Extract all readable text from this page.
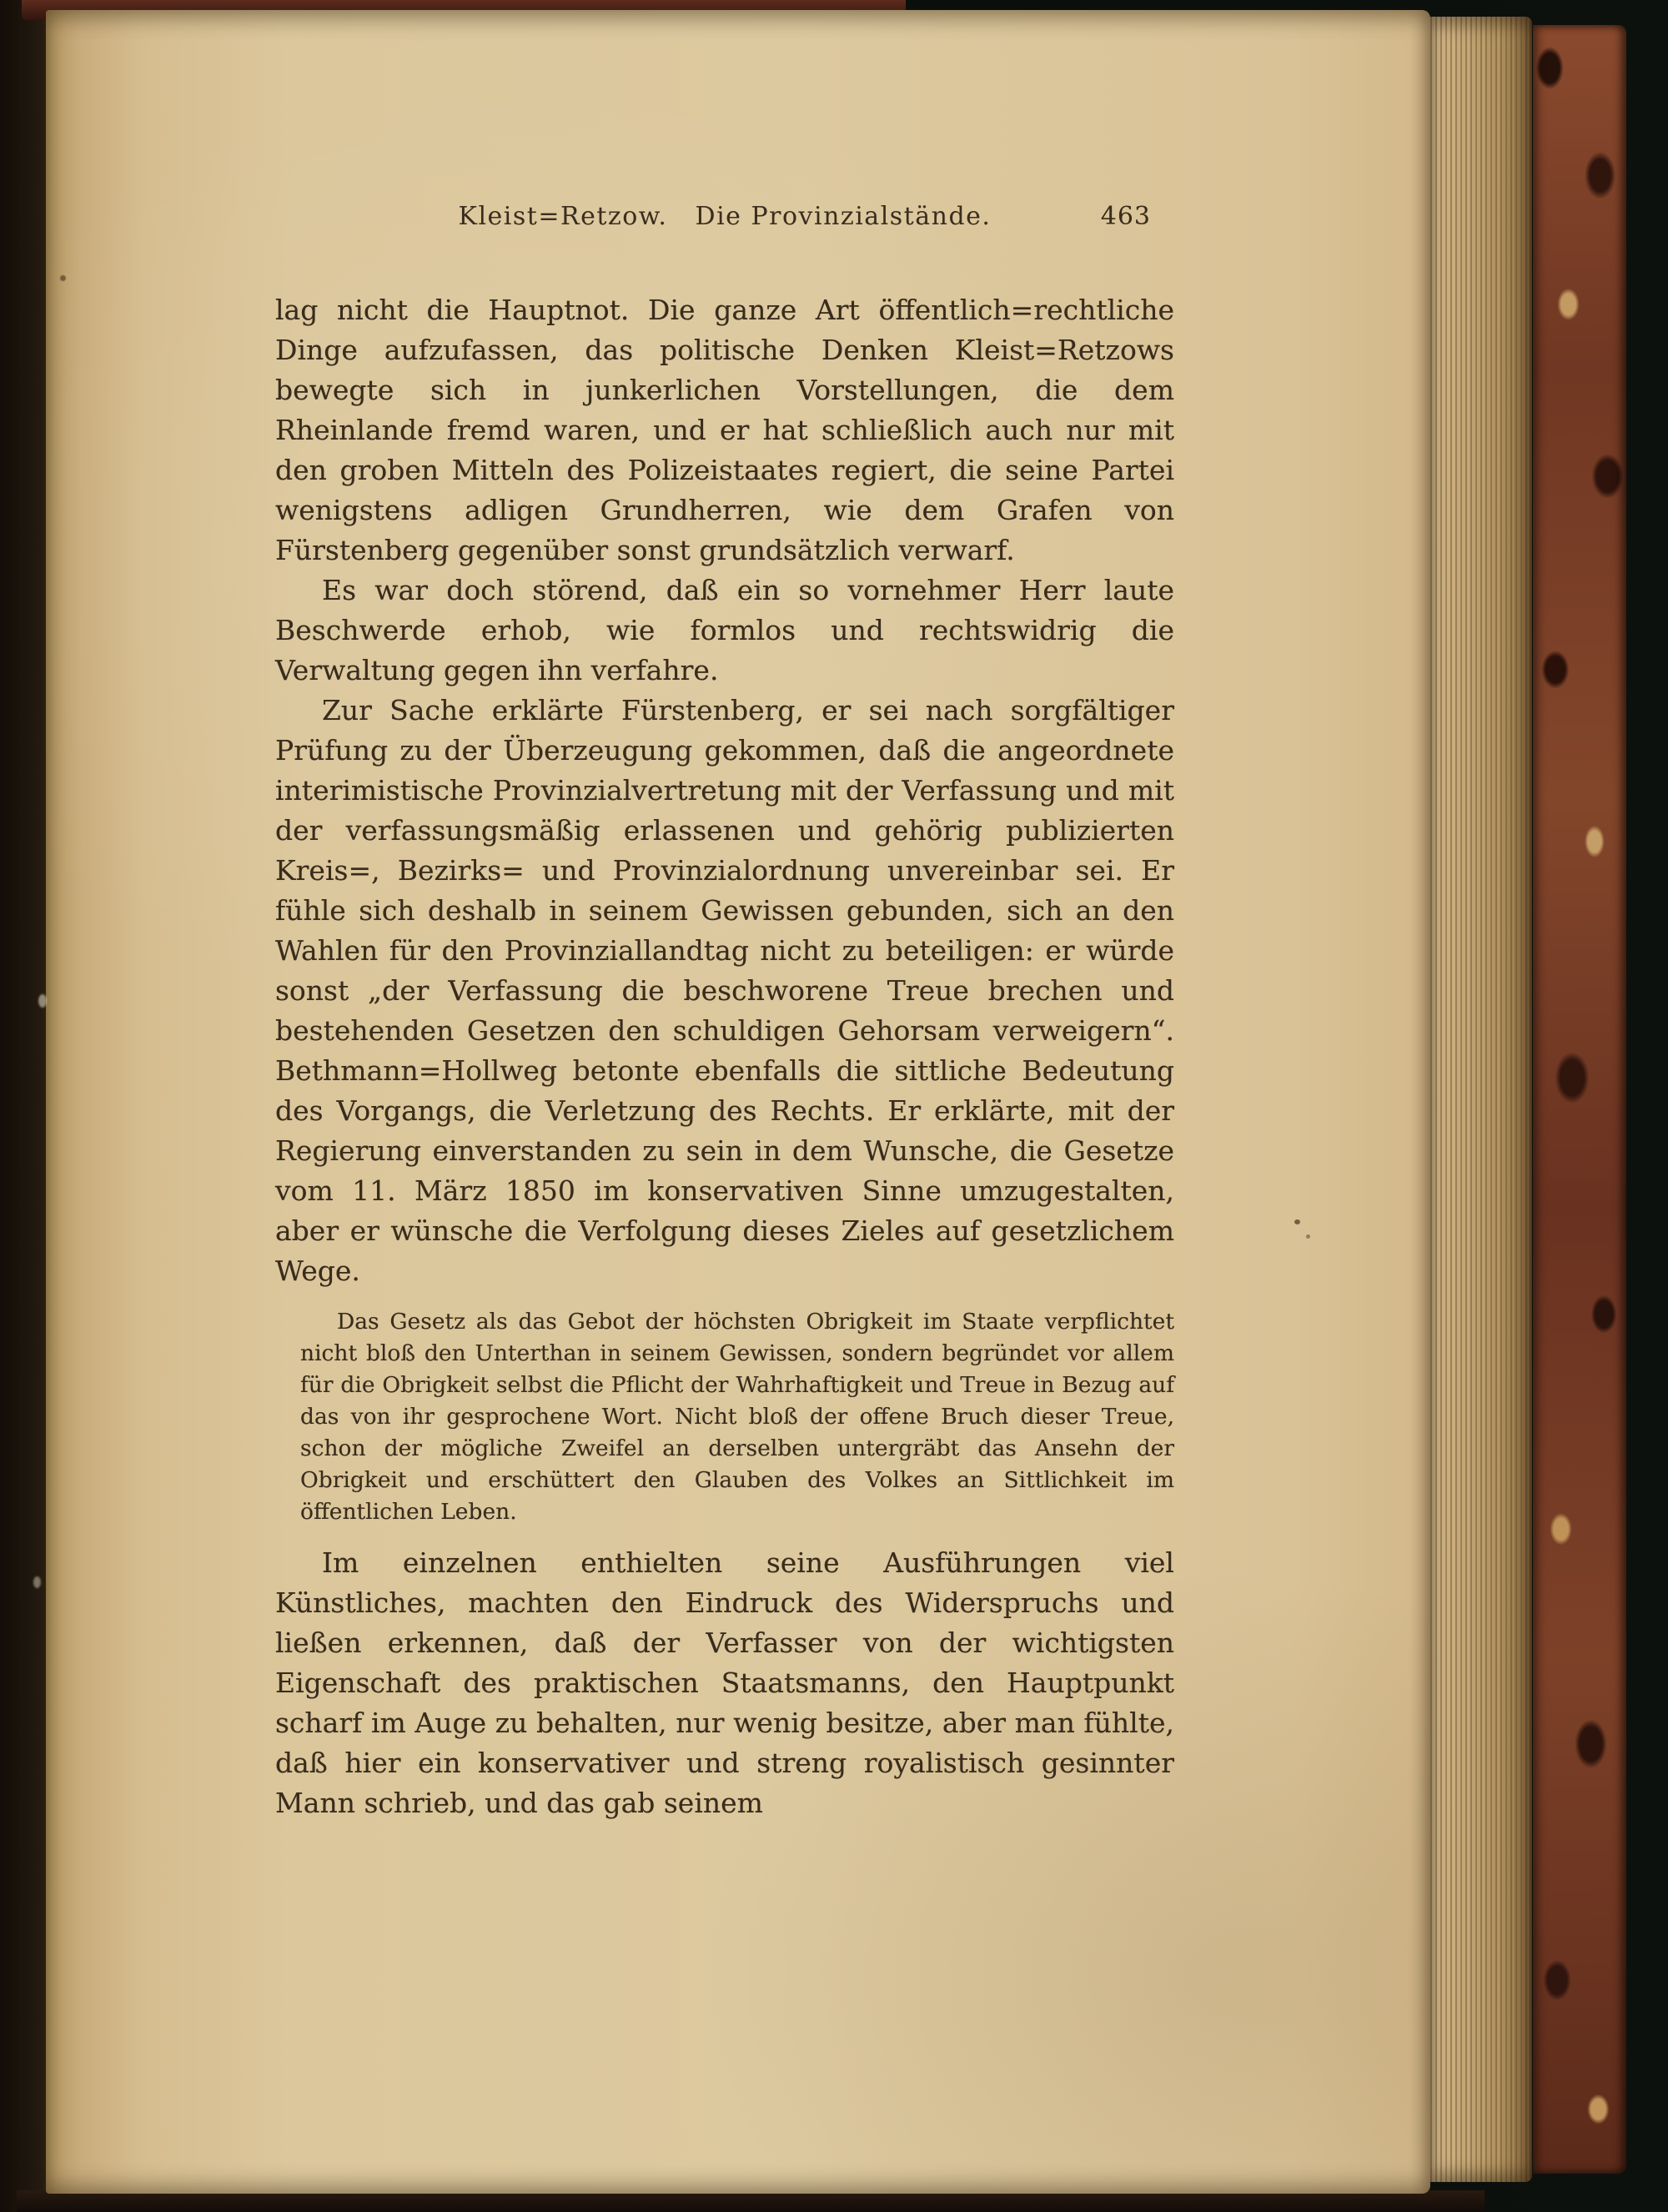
Kleist=Retzow.   Die Provinzialstände.	463

lag nicht die Hauptnot. Die ganze Art öffentlich=rechtliche Dinge aufzufassen, das politische Denken Kleist=Retzows bewegte sich in junkerlichen Vorstellungen, die dem Rheinlande fremd waren, und er hat schließlich auch nur mit den groben Mitteln des Polizeistaates regiert, die seine Partei wenigstens adligen Grundherren, wie dem Grafen von Fürstenberg gegenüber sonst grundsätzlich verwarf.

Es war doch störend, daß ein so vornehmer Herr laute Beschwerde erhob, wie formlos und rechtswidrig die Verwaltung gegen ihn verfahre.

Zur Sache erklärte Fürstenberg, er sei nach sorgfältiger Prüfung zu der Überzeugung gekommen, daß die angeordnete interimistische Provinzialvertretung mit der Verfassung und mit der verfassungsmäßig erlassenen und gehörig publizierten Kreis=, Bezirks= und Provinzialordnung unvereinbar sei. Er fühle sich deshalb in seinem Gewissen gebunden, sich an den Wahlen für den Provinziallandtag nicht zu beteiligen: er würde sonst „der Verfassung die beschworene Treue brechen und bestehenden Gesetzen den schuldigen Gehorsam verweigern“. Bethmann=Hollweg betonte ebenfalls die sittliche Bedeutung des Vorgangs, die Verletzung des Rechts. Er erklärte, mit der Regierung einverstanden zu sein in dem Wunsche, die Gesetze vom 11. März 1850 im konservativen Sinne umzugestalten, aber er wünsche die Verfolgung dieses Zieles auf gesetzlichem Wege.

Das Gesetz als das Gebot der höchsten Obrigkeit im Staate verpflichtet nicht bloß den Unterthan in seinem Gewissen, sondern begründet vor allem für die Obrigkeit selbst die Pflicht der Wahrhaftigkeit und Treue in Bezug auf das von ihr gesprochene Wort. Nicht bloß der offene Bruch dieser Treue, schon der mögliche Zweifel an derselben untergräbt das Ansehn der Obrigkeit und erschüttert den Glauben des Volkes an Sittlichkeit im öffentlichen Leben.

Im einzelnen enthielten seine Ausführungen viel Künstliches, machten den Eindruck des Widerspruchs und ließen erkennen, daß der Verfasser von der wichtigsten Eigenschaft des praktischen Staatsmanns, den Hauptpunkt scharf im Auge zu behalten, nur wenig besitze, aber man fühlte, daß hier ein konservativer und streng royalistisch gesinnter Mann schrieb, und das gab seinem
